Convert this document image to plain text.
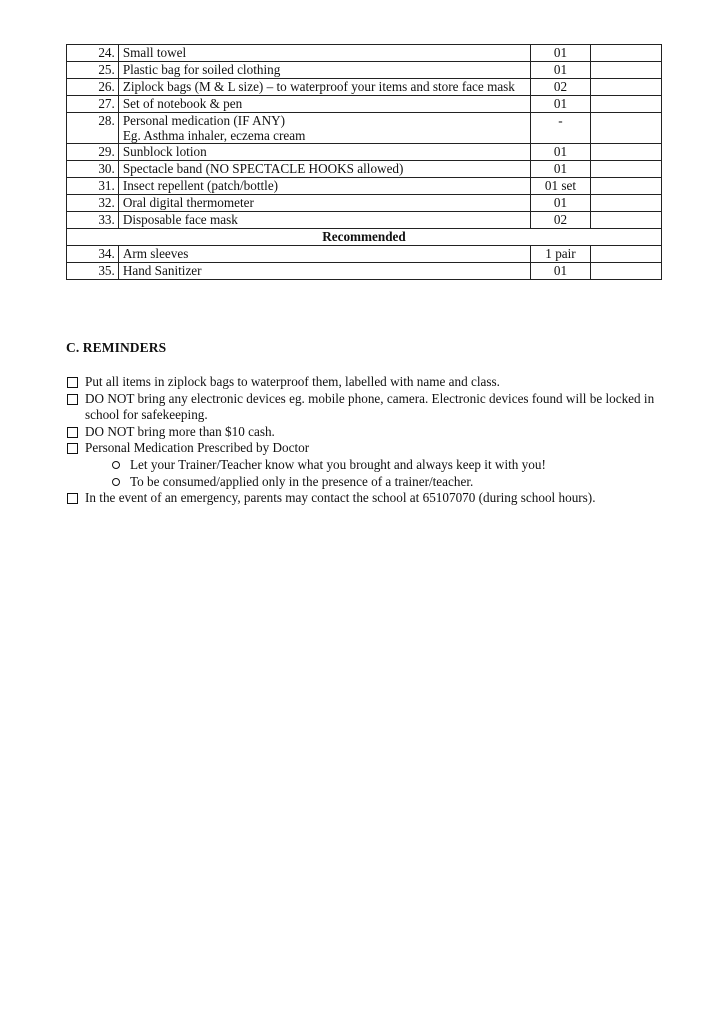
24.	Small towel	01	
25.	Plastic bag for soiled clothing	01	
26.	Ziplock bags (M & L size) – to waterproof your items and store face mask	02	
27.	Set of notebook & pen	01	
28.	Personal medication (IF ANY)
Eg. Asthma inhaler, eczema cream	-	
29.	Sunblock lotion	01	
30.	Spectacle band (NO SPECTACLE HOOKS allowed)	01	
31.	Insect repellent (patch/bottle)	01 set	
32.	Oral digital thermometer	01	
33.	Disposable face mask	02	
Recommended			
34.	Arm sleeves	1 pair	
35.	Hand Sanitizer	01	
C. REMINDERS
Put all items in ziplock bags to waterproof them, labelled with name and class.
DO NOT bring any electronic devices eg. mobile phone, camera. Electronic devices found will be locked in school for safekeeping.
DO NOT bring more than $10 cash.
Personal Medication Prescribed by Doctor
Let your Trainer/Teacher know what you brought and always keep it with you!
To be consumed/applied only in the presence of a trainer/teacher.
In the event of an emergency, parents may contact the school at 65107070 (during school hours).
